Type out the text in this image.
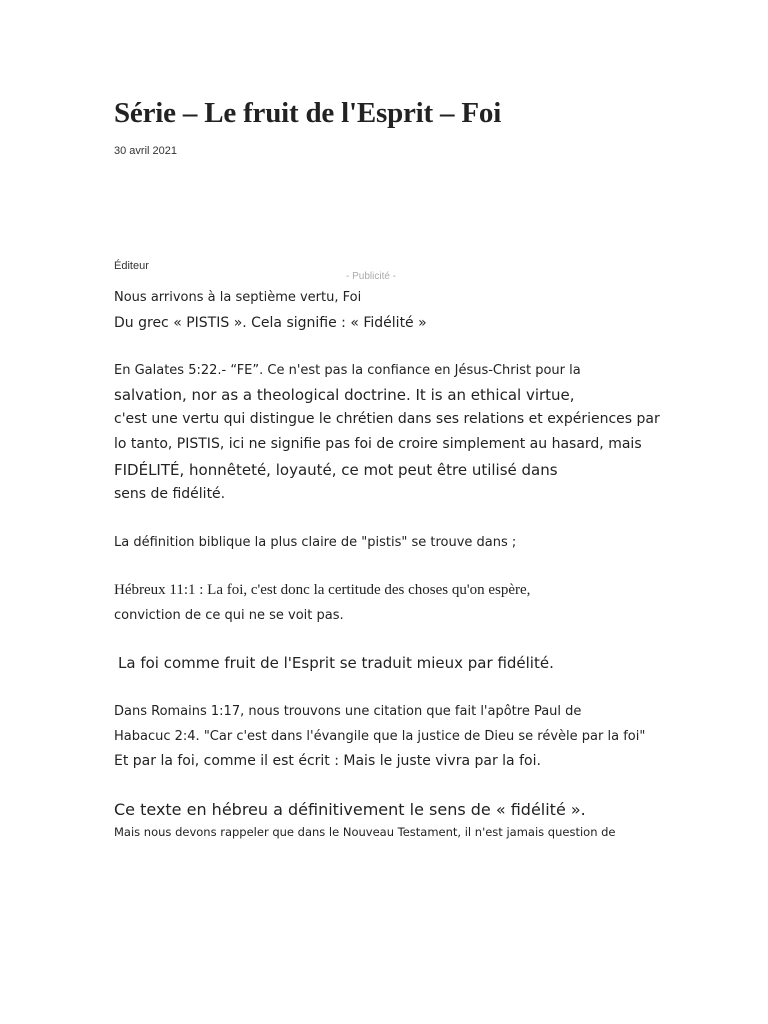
Série – Le fruit de l'Esprit – Foi
30 avril 2021
Éditeur
- Publicité -
Nous arrivons à la septième vertu, Foi
Du grec « PISTIS ». Cela signifie : « Fidélité »
En Galates 5:22.- “FE”. Ce n'est pas la confiance en Jésus-Christ pour la
salvation, nor as a theological doctrine. It is an ethical virtue,
c'est une vertu qui distingue le chrétien dans ses relations et expériences par
lo tanto, PISTIS, ici ne signifie pas foi de croire simplement au hasard, mais
FIDÉLITÉ, honnêteté, loyauté, ce mot peut être utilisé dans
sens de fidélité.
La définition biblique la plus claire de "pistis" se trouve dans ;
Hébreux 11:1 : La foi, c'est donc la certitude des choses qu'on espère,
conviction de ce qui ne se voit pas.
La foi comme fruit de l'Esprit se traduit mieux par fidélité.
Dans Romains 1:17, nous trouvons une citation que fait l'apôtre Paul de
Habacuc 2:4. "Car c'est dans l'évangile que la justice de Dieu se révèle par la foi"
Et par la foi, comme il est écrit : Mais le juste vivra par la foi.
Ce texte en hébreu a définitivement le sens de « fidélité ».
Mais nous devons rappeler que dans le Nouveau Testament, il n'est jamais question de
